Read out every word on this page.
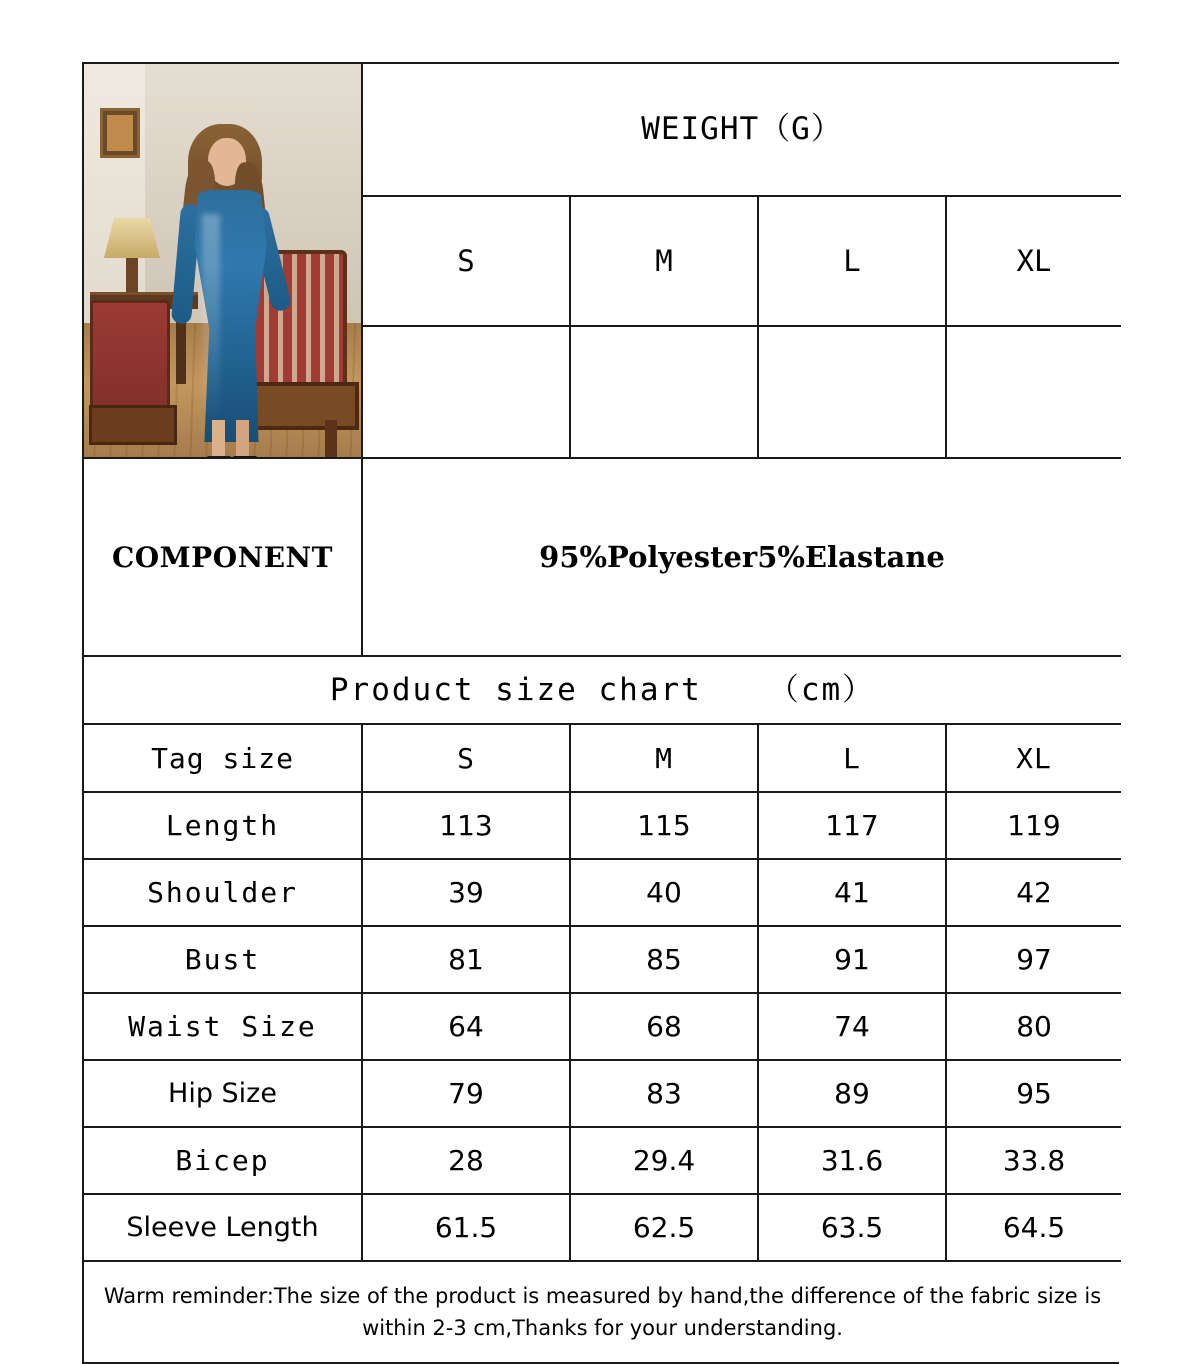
	WEIGHT（G）			
	S	M	L	XL

COMPONENT	95%Polyester5%Elastane			
Product size chart （cm）				
Tag size	S	M	L	XL
Length	113	115	117	119
Shoulder	39	40	41	42
Bust	81	85	91	97
Waist Size	64	68	74	80
Hip Size	79	83	89	95
Bicep	28	29.4	31.6	33.8
Sleeve Length	61.5	62.5	63.5	64.5
Warm reminder:The size of the product is measured by hand,the difference of the fabric size is within 2-3 cm,Thanks for your understanding.				
